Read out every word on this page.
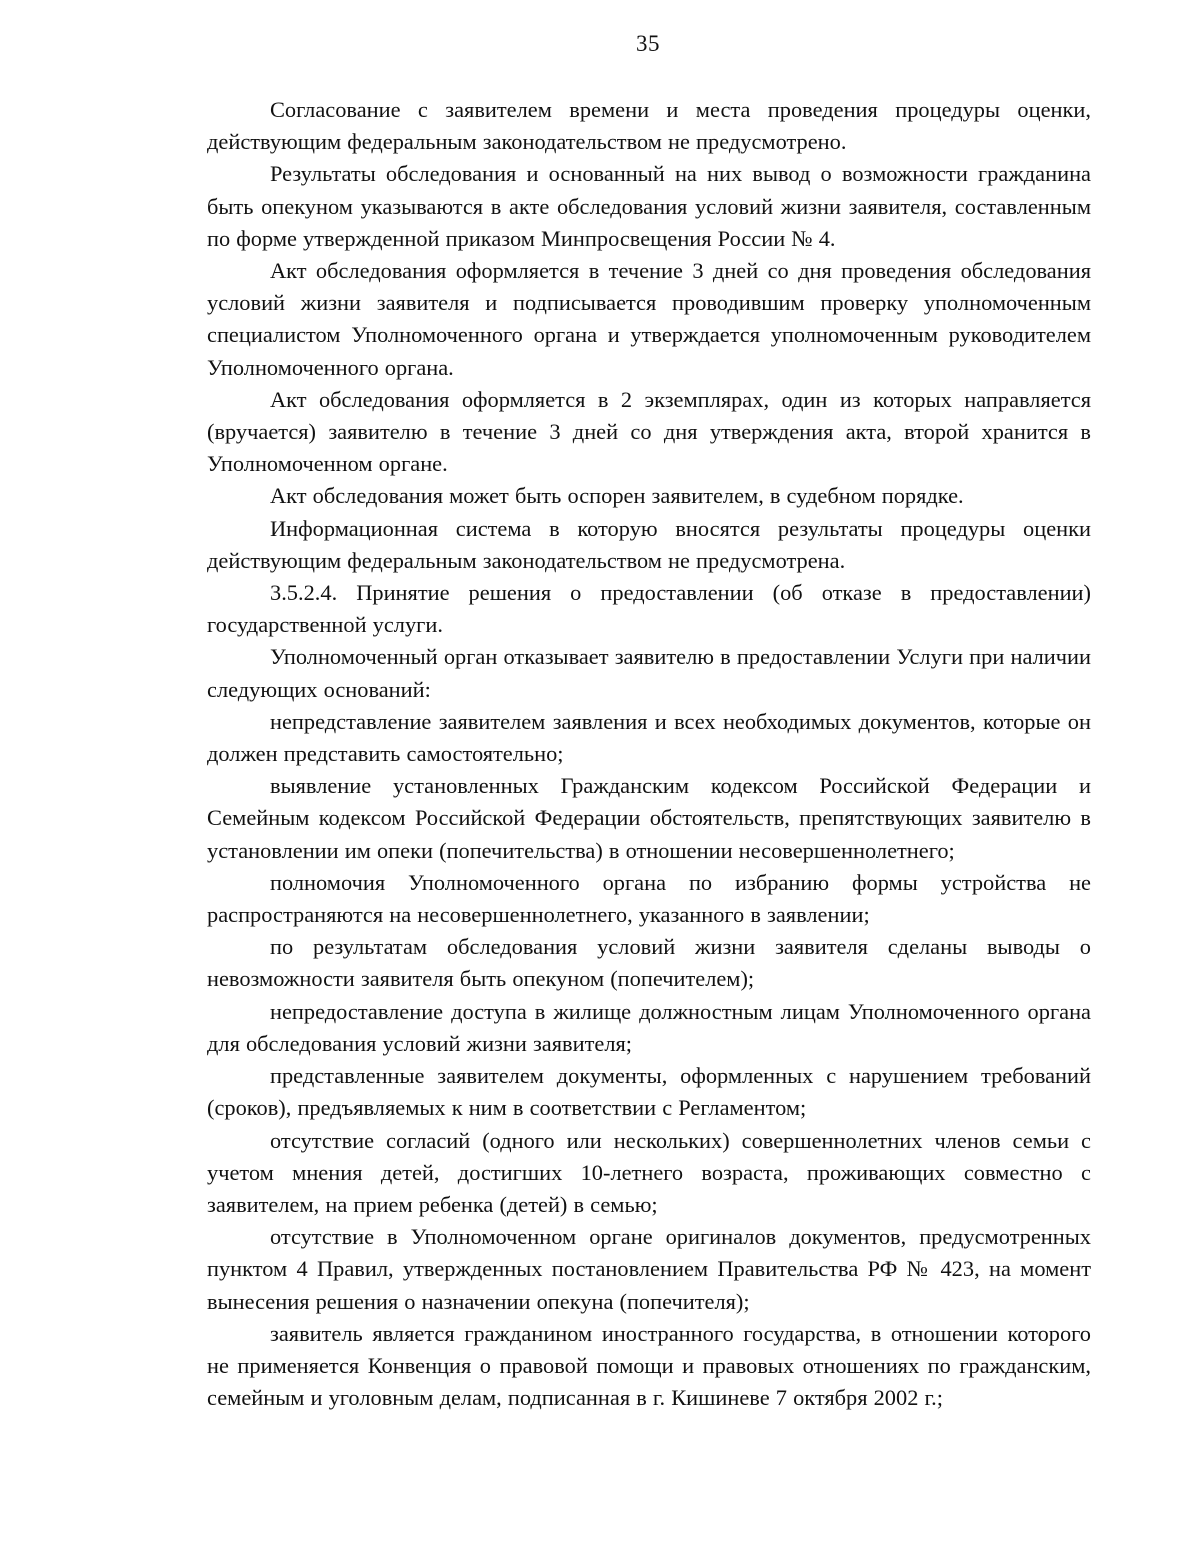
35

Согласование с заявителем времени и места проведения процедуры оценки, действующим федеральным законодательством не предусмотрено.

Результаты обследования и основанный на них вывод о возможности гражданина быть опекуном указываются в акте обследования условий жизни заявителя, составленным по форме утвержденной приказом Минпросвещения России № 4.

Акт обследования оформляется в течение 3 дней со дня проведения обследования условий жизни заявителя и подписывается проводившим проверку уполномоченным специалистом Уполномоченного органа и утверждается уполномоченным руководителем Уполномоченного органа.

Акт обследования оформляется в 2 экземплярах, один из которых направляется (вручается) заявителю в течение 3 дней со дня утверждения акта, второй хранится в Уполномоченном органе.

Акт обследования может быть оспорен заявителем, в судебном порядке.

Информационная система в которую вносятся результаты процедуры оценки действующим федеральным законодательством не предусмотрена.

3.5.2.4. Принятие решения о предоставлении (об отказе в предоставлении) государственной услуги.

Уполномоченный орган отказывает заявителю в предоставлении Услуги при наличии следующих оснований:

непредставление заявителем заявления и всех необходимых документов, которые он должен представить самостоятельно;

выявление установленных Гражданским кодексом Российской Федерации и Семейным кодексом Российской Федерации обстоятельств, препятствующих заявителю в установлении им опеки (попечительства) в отношении несовершеннолетнего;

полномочия Уполномоченного органа по избранию формы устройства не распространяются на несовершеннолетнего, указанного в заявлении;

по результатам обследования условий жизни заявителя сделаны выводы о невозможности заявителя быть опекуном (попечителем);

непредоставление доступа в жилище должностным лицам Уполномоченного органа для обследования условий жизни заявителя;

представленные заявителем документы, оформленных с нарушением требований (сроков), предъявляемых к ним в соответствии с Регламентом;

отсутствие согласий (одного или нескольких) совершеннолетних членов семьи с учетом мнения детей, достигших 10-летнего возраста, проживающих совместно с заявителем, на прием ребенка (детей) в семью;

отсутствие в Уполномоченном органе оригиналов документов, предусмотренных пунктом 4 Правил, утвержденных постановлением Правительства РФ № 423, на момент вынесения решения о назначении опекуна (попечителя);

заявитель является гражданином иностранного государства, в отношении которого не применяется Конвенция о правовой помощи и правовых отношениях по гражданским, семейным и уголовным делам, подписанная в г. Кишиневе 7 октября 2002 г.;
